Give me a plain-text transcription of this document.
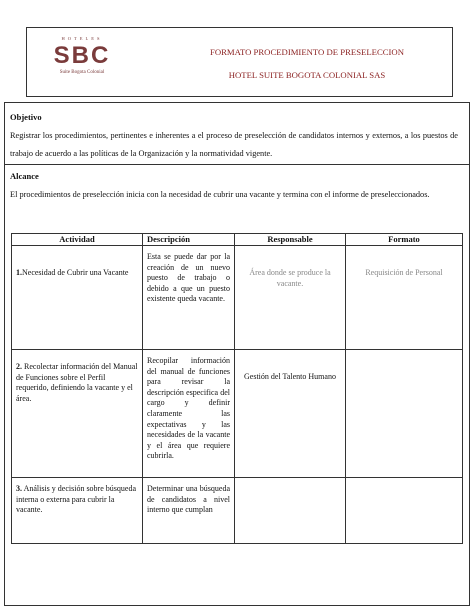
HOTELES
SBC
Suite Bogota Colonial
FORMATO PROCEDIMIENTO DE PRESELECCION
HOTEL SUITE BOGOTA COLONIAL SAS
Objetivo
Registrar los procedimientos, pertinentes e inherentes a el proceso de preselección de candidatos internos y externos, a los puestos de trabajo de acuerdo a las políticas de la Organización y la normatividad vigente.
Alcance
El procedimientos de preselección inicia con la necesidad de cubrir una vacante y termina con el informe de preseleccionados.
Actividad	Descripción	Responsable	Formato
1.Necesidad de Cubrir una Vacante	Esta se puede dar por la creación de un nuevo puesto de trabajo o debido a que un puesto existente queda vacante.	Área donde se produce la vacante.	Requisición de Personal
2. Recolectar información del Manual de Funciones sobre el Perfil requerido, definiendo la vacante y el área.	Recopilar información del manual de funciones para revisar la descripción especifica del cargo y definir claramente las expectativas y las necesidades de la vacante y el área que requiere cubrirla.	Gestión del Talento Humano	
3. Análisis y decisión sobre búsqueda interna o externa para cubrir la vacante.	Determinar una búsqueda de candidatos a nivel interno que cumplan		
